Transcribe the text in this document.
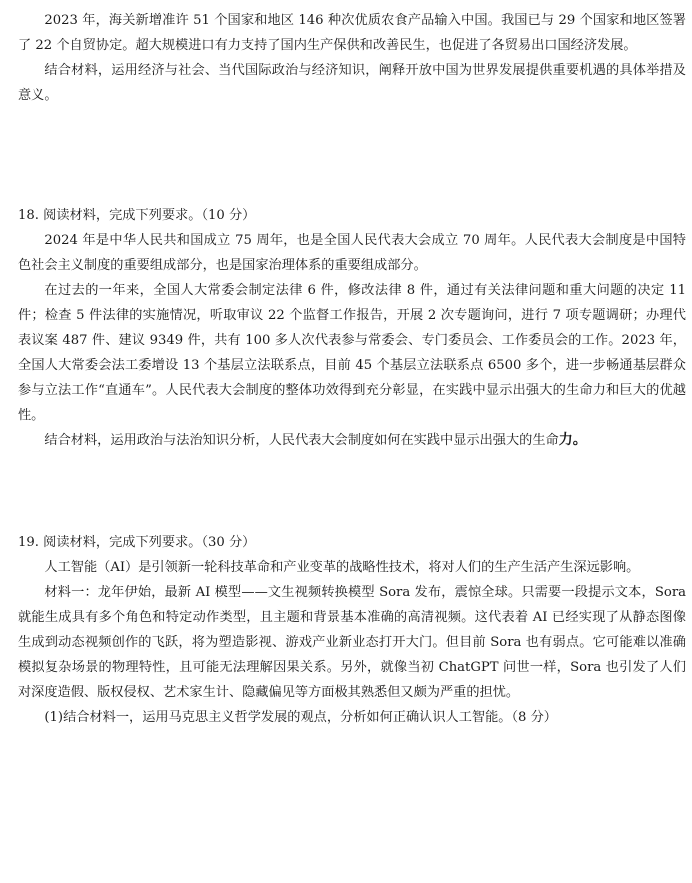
2023 年，海关新增准许 51 个国家和地区 146 种次优质农食产品输入中国。我国已与 29 个国家和地区签署了 22 个自贸协定。超大规模进口有力支持了国内生产保供和改善民生，也促进了各贸易出口国经济发展。

结合材料，运用经济与社会、当代国际政治与经济知识，阐释开放中国为世界发展提供重要机遇的具体举措及意义。

18. 阅读材料，完成下列要求。（10 分）

2024 年是中华人民共和国成立 75 周年，也是全国人民代表大会成立 70 周年。人民代表大会制度是中国特色社会主义制度的重要组成部分，也是国家治理体系的重要组成部分。

在过去的一年来，全国人大常委会制定法律 6 件，修改法律 8 件，通过有关法律问题和重大问题的决定 11 件；检查 5 件法律的实施情况，听取审议 22 个监督工作报告，开展 2 次专题询问，进行 7 项专题调研；办理代表议案 487 件、建议 9349 件，共有 100 多人次代表参与常委会、专门委员会、工作委员会的工作。2023 年，全国人大常委会法工委增设 13 个基层立法联系点，目前 45 个基层立法联系点 6500 多个，进一步畅通基层群众参与立法工作“直通车”。人民代表大会制度的整体功效得到充分彰显，在实践中显示出强大的生命力和巨大的优越性。

结合材料，运用政治与法治知识分析，人民代表大会制度如何在实践中显示出强大的生命力。

19. 阅读材料，完成下列要求。（30 分）

人工智能（AI）是引领新一轮科技革命和产业变革的战略性技术，将对人们的生产生活产生深远影响。

材料一：龙年伊始，最新 AI 模型——文生视频转换模型 Sora 发布，震惊全球。只需要一段提示文本，Sora 就能生成具有多个角色和特定动作类型，且主题和背景基本准确的高清视频。这代表着 AI 已经实现了从静态图像生成到动态视频创作的飞跃，将为塑造影视、游戏产业新业态打开大门。但目前 Sora 也有弱点。它可能难以准确模拟复杂场景的物理特性，且可能无法理解因果关系。另外，就像当初 ChatGPT 问世一样，Sora 也引发了人们对深度造假、版权侵权、艺术家生计、隐藏偏见等方面极其熟悉但又颇为严重的担忧。

(1)结合材料一，运用马克思主义哲学发展的观点，分析如何正确认识人工智能。（8 分）
